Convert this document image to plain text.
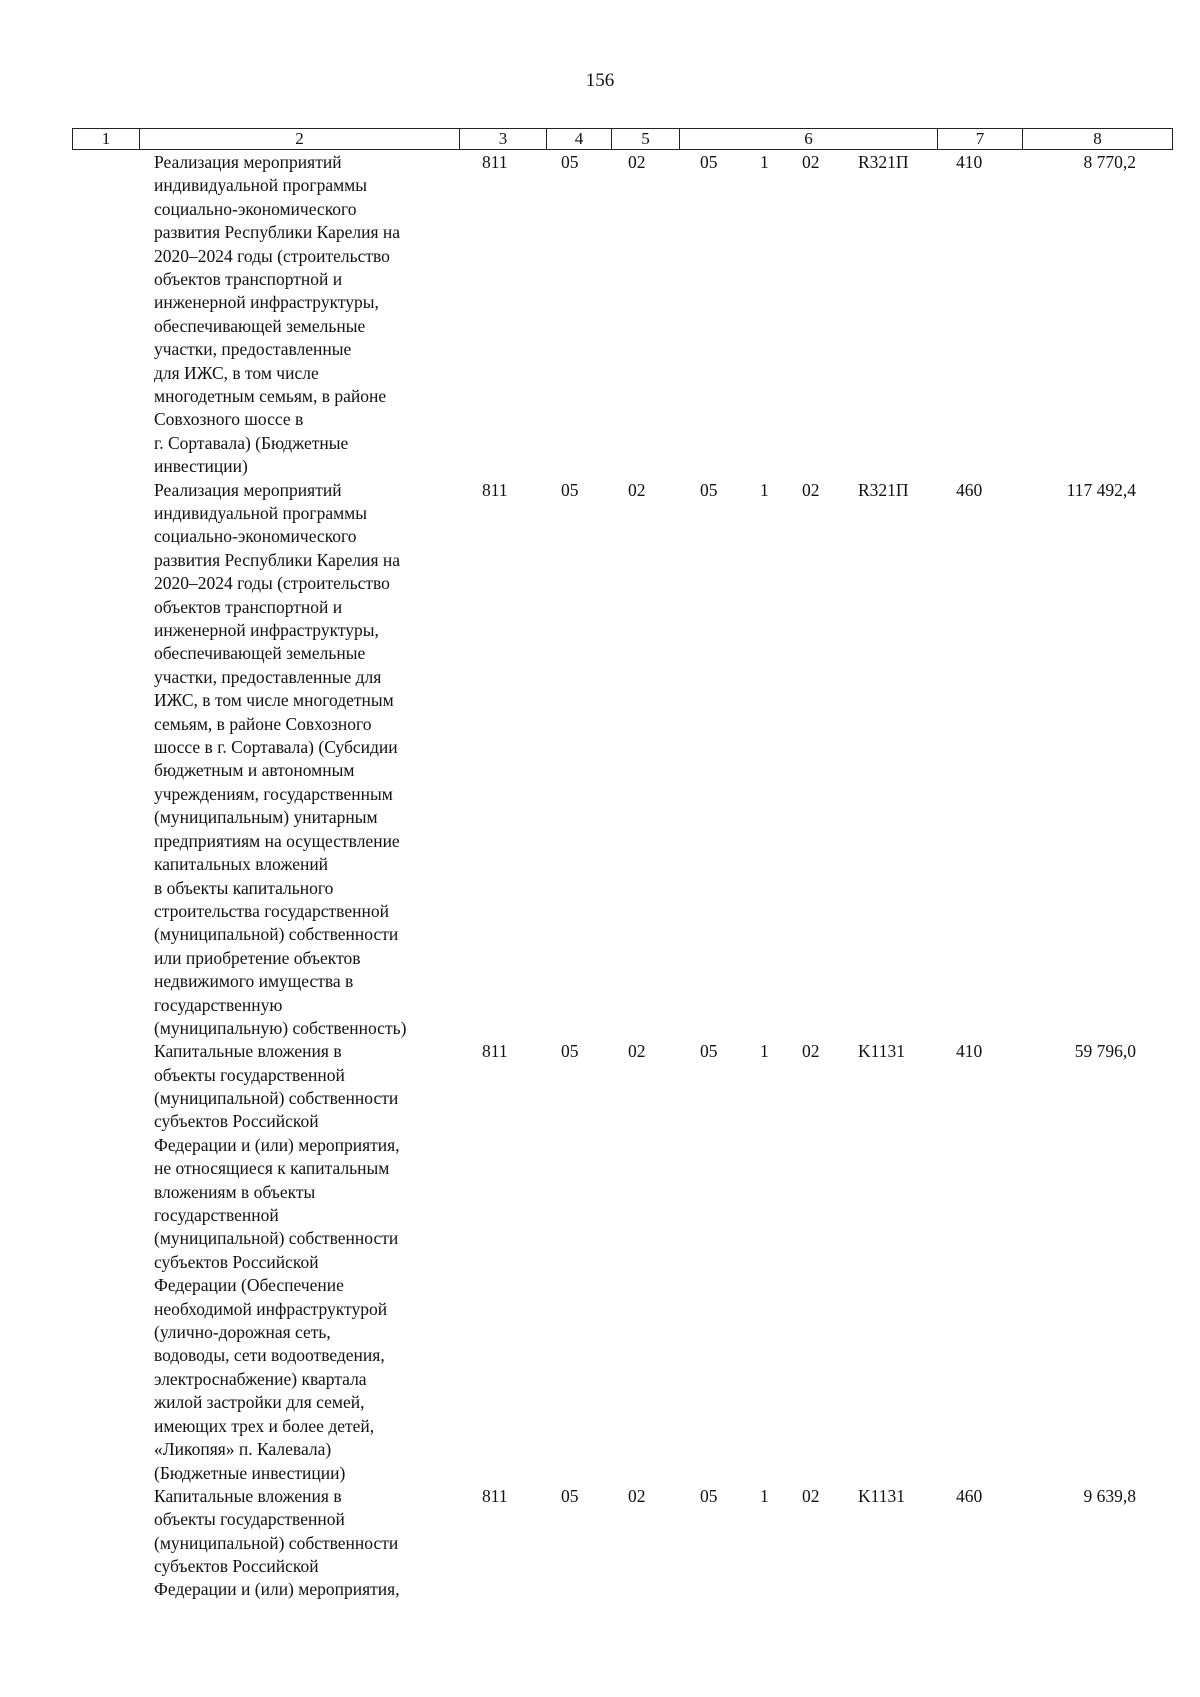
156
1	2	3	4	5	6	7	8
Реализация мероприятий
индивидуальной программы
социально-экономического
развития Республики Карелия на
2020–2024 годы (строительство
объектов транспортной и
инженерной инфраструктуры,
обеспечивающей земельные
участки, предоставленные
для ИЖС, в том числе
многодетным семьям, в районе
Совхозного шоссе в
г. Сортавала) (Бюджетные
инвестиции)
811	05	02	05 1 02 R321П	410	8 770,2
Реализация мероприятий
индивидуальной программы
социально-экономического
развития Республики Карелия на
2020–2024 годы (строительство
объектов транспортной и
инженерной инфраструктуры,
обеспечивающей земельные
участки, предоставленные для
ИЖС, в том числе многодетным
семьям, в районе Совхозного
шоссе в г. Сортавала) (Субсидии
бюджетным и автономным
учреждениям, государственным
(муниципальным) унитарным
предприятиям на осуществление
капитальных вложений
в объекты капитального
строительства государственной
(муниципальной) собственности
или приобретение объектов
недвижимого имущества в
государственную
(муниципальную) собственность)
811	05	02	05 1 02 R321П	460	117 492,4
Капитальные вложения в
объекты государственной
(муниципальной) собственности
субъектов Российской
Федерации и (или) мероприятия,
не относящиеся к капитальным
вложениям в объекты
государственной
(муниципальной) собственности
субъектов Российской
Федерации (Обеспечение
необходимой инфраструктурой
(улично-дорожная сеть,
водоводы, сети водоотведения,
электроснабжение) квартала
жилой застройки для семей,
имеющих трех и более детей,
«Ликопяя» п. Калевала)
(Бюджетные инвестиции)
811	05	02	05 1 02 K1131	410	59 796,0
Капитальные вложения в
объекты государственной
(муниципальной) собственности
субъектов Российской
Федерации и (или) мероприятия,
811	05	02	05 1 02 K1131	460	9 639,8
